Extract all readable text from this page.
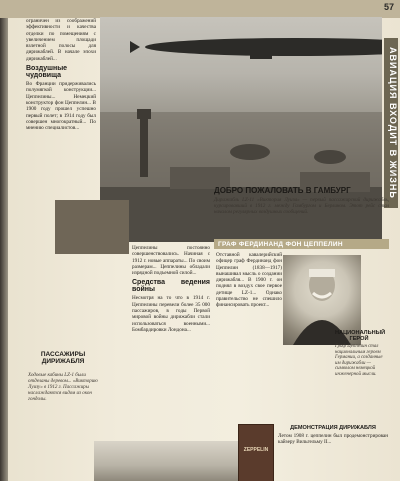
57
АВИАЦИЯ ВХОДИТ В ЖИЗНЬ

ограничен из соображений эффективности и качества отделки по помещениям с увеличением площади взлетной полосы для дирижаблей. В начале эпохи дирижаблей...

Воздушные чудовища

Во Франции придерживались полумягкой конструкции... Цеппелины... Немецкий конструктор фон Цеппелин... В 1900 году прошел успешно первый полет; в 1914 году был совершен многократный... По мнению специалистов...

Цеппелины постоянно совершенствовались. Начиная с 1912 г. новые аппараты... По своим размерам... Цеппелины обладали изрядной подъемной силой...

Средства ведения войны

Несмотря на то что в 1914 г. Цеппелины перевели более 35 000 пассажиров, в годы Первой мировой войны дирижабли стали использоваться военными... Бомбардировки Лондона...

ДОБРО ПОЖАЛОВАТЬ В ГАМБУРГ
Дирижабль LZ-11 «Виктория Луиза» — первый пассажирский дирижабль, курсировавший в 1912 г. между Гамбургом и Берлином. Этот рейс стал началом регулярных воздушных сообщений.
ГРАФ ФЕРДИНАНД ФОН ЦЕППЕЛИН

Отставной кавалерийский офицер граф Фердинанд фон Цеппелин (1838—1917) вынашивал мысль о создании дирижабля... В 1900 г. он поднял в воздух свое первое детище LZ-1... Однако правительство не спешило финансировать проект...

НАЦИОНАЛЬНЫЙ ГЕРОЙ
Граф Цеппелин стал национальным героем Германии, а созданные им дирижабли — символом немецкой инженерной мысли.
ДЕМОНСТРАЦИЯ ДИРИЖАБЛЯ

Летом 1908 г. цеппелин был продемонстрирован кайзеру Вильгельму II...

ПАССАЖИРЫ ДИРИЖАБЛЯ
Ходовые кабины LZ-1 были отделаны деревом... «Викторию Луизу» в 1912 г. Пассажиры наслаждаются видом из окон гондолы.
ZEPPELIN
